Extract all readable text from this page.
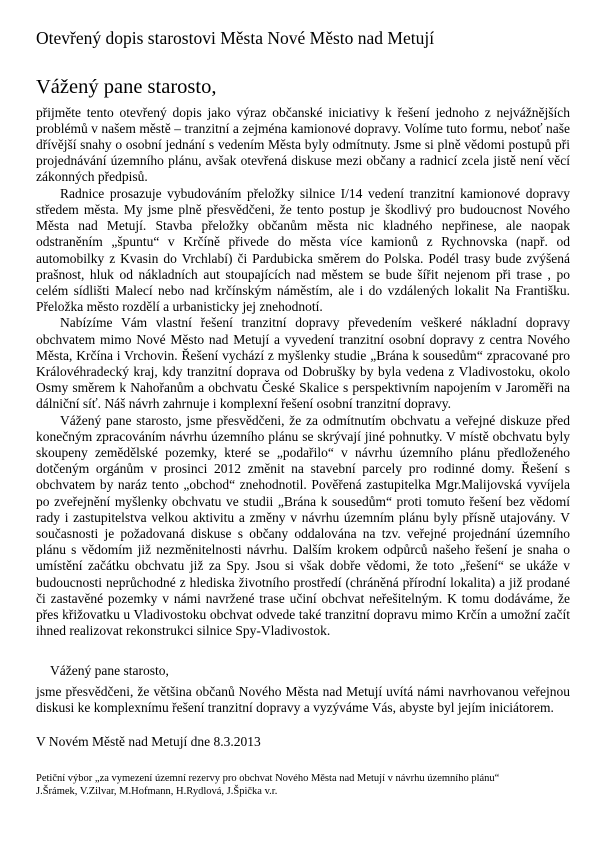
Otevřený dopis starostovi Města Nové Město nad Metují
Vážený pane starosto,

přijměte tento otevřený dopis jako výraz občanské iniciativy k řešení jednoho z nejvážnějších problémů v našem městě – tranzitní a zejména kamionové dopravy. Volíme tuto formu, neboť naše dřívější snahy o osobní jednání s vedením Města byly odmítnuty. Jsme si plně vědomi postupů při projednávání územního plánu, avšak otevřená diskuse mezi občany a radnicí zcela jistě není věcí zákonných předpisů.

Radnice prosazuje vybudováním přeložky silnice I/14 vedení tranzitní kamionové dopravy středem města. My jsme plně přesvědčeni, že tento postup je škodlivý pro budoucnost Nového Města nad Metují. Stavba přeložky občanům města nic kladného nepřinese, ale naopak odstraněním „špuntu“ v Krčíně přivede do města více kamionů z Rychnovska (např. od automobilky z Kvasin do Vrchlabí) či Pardubicka směrem do Polska. Podél trasy bude zvýšená prašnost, hluk od nákladních aut stoupajících nad městem se bude šířit nejenom při trase , po celém sídlišti Malecí nebo nad krčínským náměstím, ale i do vzdálených lokalit Na Františku. Přeložka město rozdělí a urbanisticky jej znehodnotí.

Nabízíme Vám vlastní řešení tranzitní dopravy převedením veškeré nákladní dopravy obchvatem mimo Nové Město nad Metují a vyvedení tranzitní osobní dopravy z centra Nového Města, Krčína i Vrchovin. Řešení vychází z myšlenky studie „Brána k sousedům“ zpracované pro Královéhradecký kraj, kdy tranzitní doprava od Dobrušky by byla vedena z Vladivostoku, okolo Osmy směrem k Nahořanům a obchvatu České Skalice s perspektivním napojením v Jaroměři na dálniční síť. Náš návrh zahrnuje i komplexní řešení osobní tranzitní dopravy.

Vážený pane starosto, jsme přesvědčeni, že za odmítnutím obchvatu a veřejné diskuze před konečným zpracováním návrhu územního plánu se skrývají jiné pohnutky. V místě obchvatu byly skoupeny zemědělské pozemky, které se „podařilo“ v návrhu územního plánu předloženého dotčeným orgánům v prosinci 2012 změnit na stavební parcely pro rodinné domy. Řešení s obchvatem by naráz tento „obchod“ znehodnotil. Pověřená zastupitelka Mgr.Malijovská vyvíjela po zveřejnění myšlenky obchvatu ve studii „Brána k sousedům“ proti tomuto řešení bez vědomí rady i zastupitelstva velkou aktivitu a změny v návrhu územním plánu byly přísně utajovány. V současnosti je požadovaná diskuse s občany oddalována na tzv. veřejné projednání územního plánu s vědomím již nezměnitelnosti návrhu. Dalším krokem odpůrců našeho řešení je snaha o umístění začátku obchvatu již za Spy. Jsou si však dobře vědomi, že toto „řešení“ se ukáže v budoucnosti neprůchodné z hlediska životního prostředí (chráněná přírodní lokalita) a již prodané či zastavěné pozemky v námi navržené trase učiní obchvat neřešitelným. K tomu dodáváme, že přes křižovatku u Vladivostoku obchvat odvede také tranzitní dopravu mimo Krčín a umožní začít ihned realizovat rekonstrukci silnice Spy-Vladivostok.

Vážený pane starosto,

jsme přesvědčeni, že většina občanů Nového Města nad Metují uvítá námi navrhovanou veřejnou diskusi ke komplexnímu řešení tranzitní dopravy a vyzýváme Vás, abyste byl jejím iniciátorem.

V Novém Městě nad Metují dne 8.3.2013
Petiční výbor „za vymezení územní rezervy pro obchvat Nového Města nad Metují v návrhu územního plánu“
J.Šrámek, V.Zilvar, M.Hofmann, H.Rydlová, J.Špička v.r.
